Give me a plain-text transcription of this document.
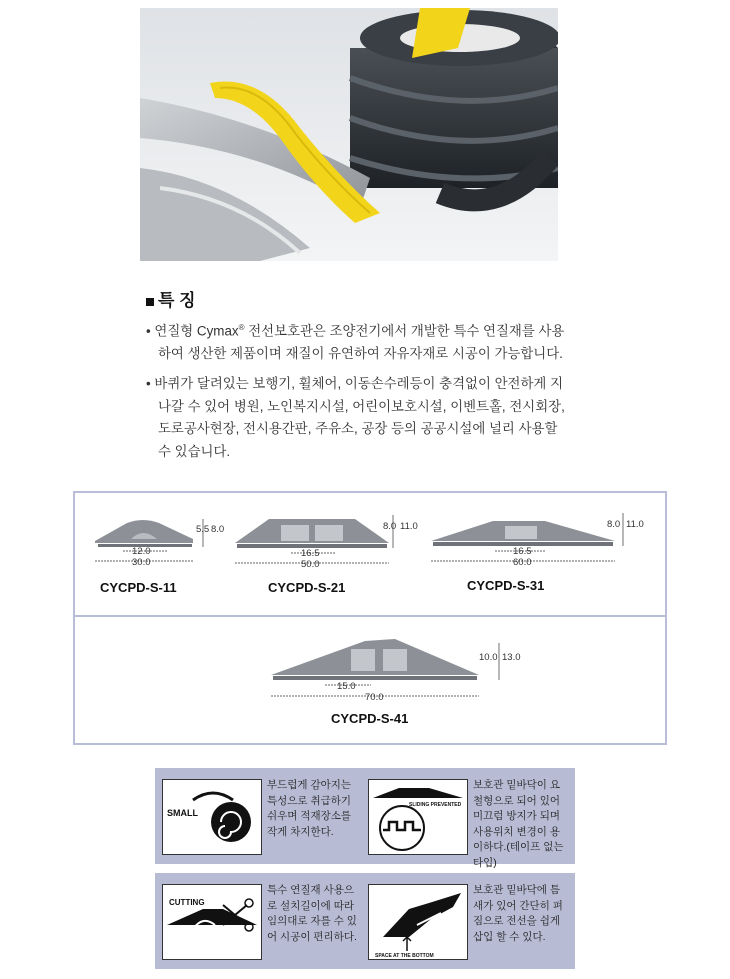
특 징

• 연질형 Cymax® 전선보호관은 조양전기에서 개발한 특수 연질재를 사용하여 생산한 제품이며 재질이 유연하여 자유자재로 시공이 가능합니다.

• 바퀴가 달려있는 보행기, 휠체어, 이동손수레등이 충격없이 안전하게 지나갈 수 있어 병원, 노인복지시설, 어린이보호시설, 이벤트홀, 전시회장, 도로공사현장, 전시용간판, 주유소, 공장 등의 공공시설에 널리 사용할 수 있습니다.

12.0
30.0
5.5 8.0
CYCPD-S-11
16.5
50.0
8.0 11.0
CYCPD-S-21
16.5
60.0
8.0 11.0
CYCPD-S-31
15.0
70.0
10.0 13.0
CYCPD-S-41
SMALL
부드럽게 감아지는 특성으로 취급하기 쉬우며 적재장소를 작게 차지한다.
SLIDING PREVENTED
보호관 밑바닥이 요철형으로 되어 있어 미끄럼 방지가 되며 사용위치 변경이 용이하다.(테이프 없는 타입)
CUTTING
특수 연질재 사용으로 설치길이에 따라 임의대로 자를 수 있어 시공이 편리하다.
SPACE AT THE BOTTOM
보호관 밑바닥에 틈새가 있어 간단히 펴짐으로 전선을 쉽게 삽입 할 수 있다.
